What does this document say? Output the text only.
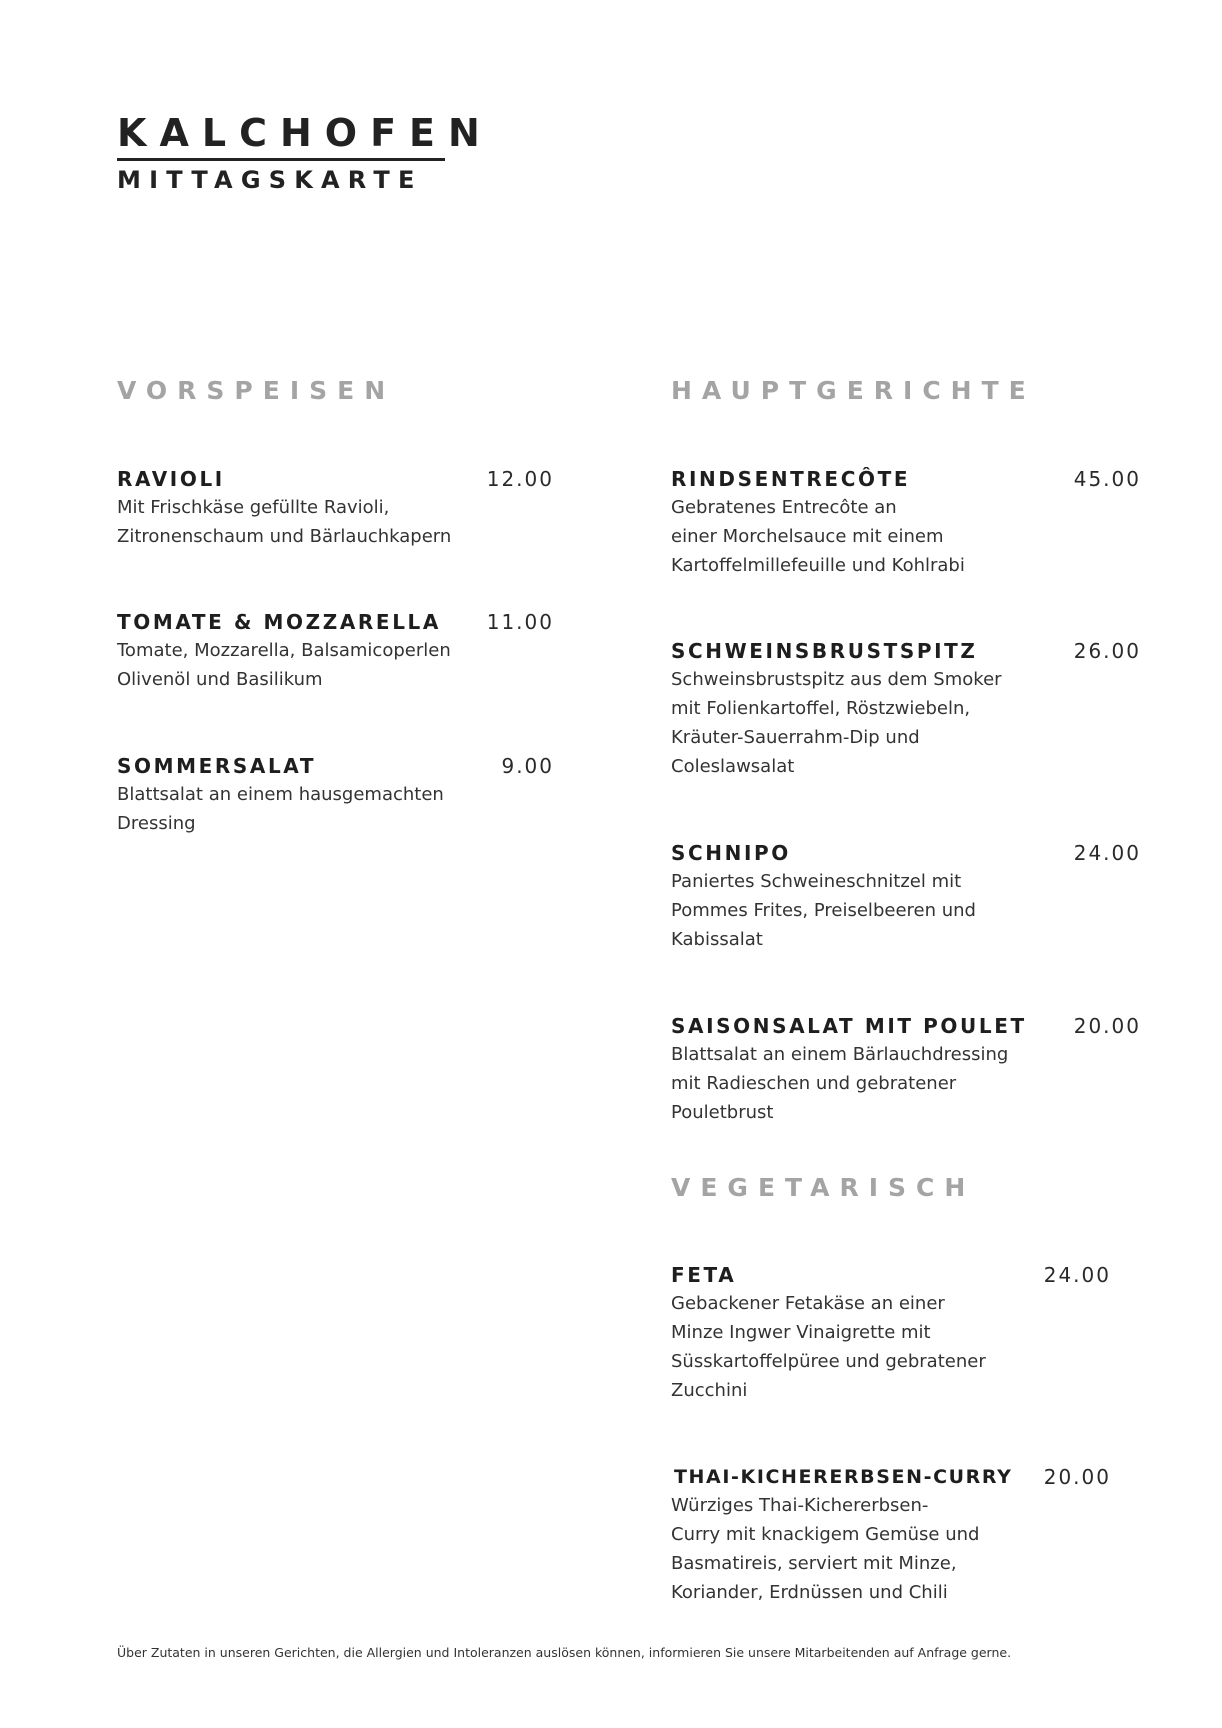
KALCHOFEN
MITTAGSKARTE
VORSPEISEN
RAVIOLI	12.00
Mit Frischkäse gefüllte Ravioli,
Zitronenschaum und Bärlauchkapern
TOMATE & MOZZARELLA 11.00
Tomate, Mozzarella, Balsamicoperlen
Olivenöl und Basilikum
SOMMERSALAT	9.00
Blattsalat an einem hausgemachten
Dressing
HAUPTGERICHTE
RINDSENTRECÔTE	45.00
Gebratenes Entrecôte an
einer Morchelsauce mit einem
Kartoffelmillefeuille und Kohlrabi
SCHWEINSBRUSTSPITZ	26.00
Schweinsbrustspitz aus dem Smoker
mit Folienkartoffel, Röstzwiebeln,
Kräuter-Sauerrahm-Dip und
Coleslawsalat
SCHNIPO	24.00
Paniertes Schweineschnitzel mit
Pommes Frites, Preiselbeeren und
Kabissalat
SAISONSALAT MIT POULET 20.00
Blattsalat an einem Bärlauchdressing
mit Radieschen und gebratener
Pouletbrust
VEGETARISCH
FETA	24.00
Gebackener Fetakäse an einer
Minze Ingwer Vinaigrette mit
Süsskartoffelpüree und gebratener
Zucchini
THAI-KICHERERBSEN-CURRY 20.00
Würziges Thai-Kichererbsen-
Curry mit knackigem Gemüse und
Basmatireis, serviert mit Minze,
Koriander, Erdnüssen und Chili
Über Zutaten in unseren Gerichten, die Allergien und Intoleranzen auslösen können, informieren Sie unsere Mitarbeitenden auf Anfrage gerne.
